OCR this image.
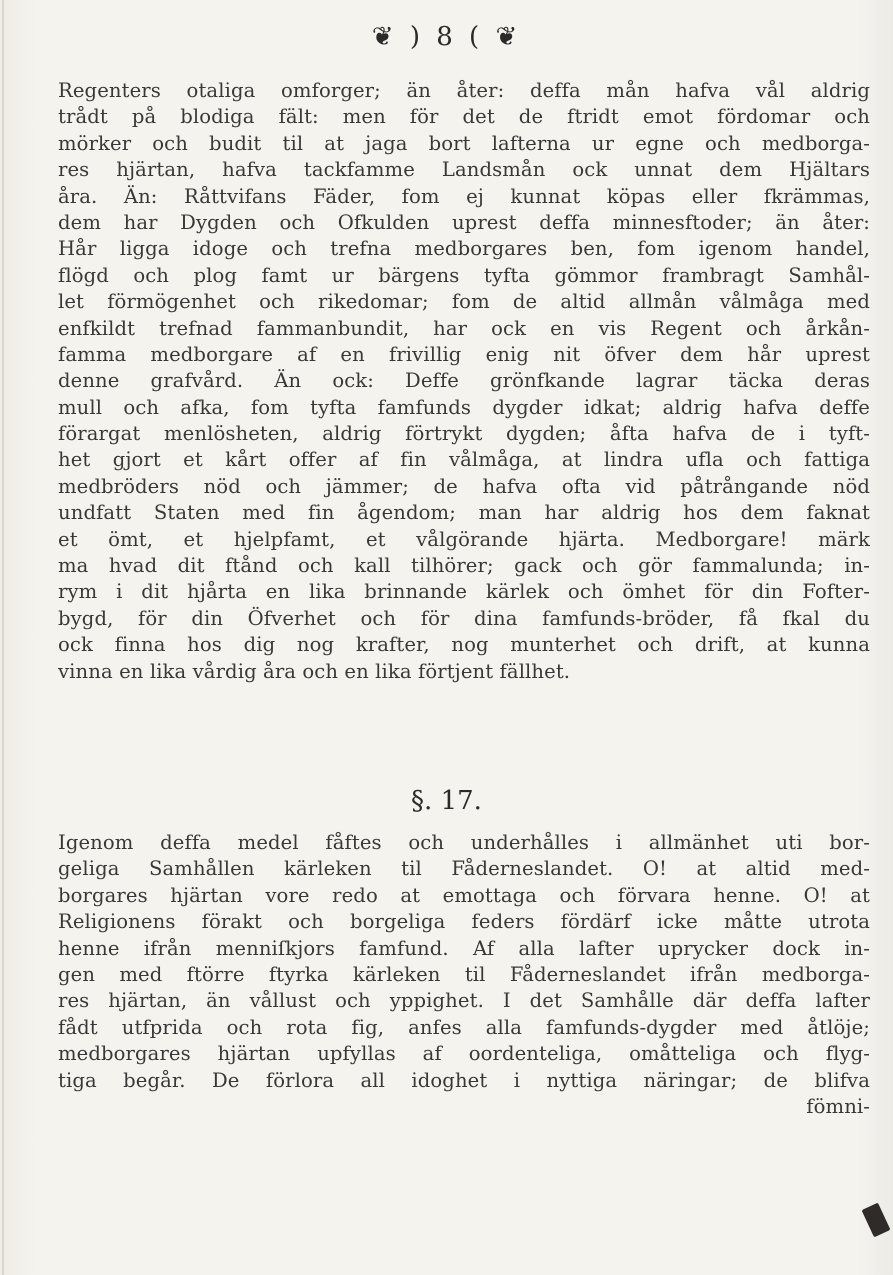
❦ ) 8 ( ❦
Regenters otaliga omforger; än åter: deffa mån hafva vål aldrig
trådt på blodiga fält: men för det de ftridt emot fördomar och
mörker och budit til at jaga bort lafterna ur egne och medborga-
res hjärtan, hafva tackfamme Landsmån ock unnat dem Hjältars
åra. Än: Råttvifans Fäder, fom ej kunnat köpas eller fkrämmas,
dem har Dygden och Ofkulden uprest deffa minnesftoder; än åter:
Hår ligga idoge och trefna medborgares ben, fom igenom handel,
flögd och plog famt ur bärgens tyfta gömmor frambragt Samhål-
let förmögenhet och rikedomar; fom de altid allmån vålmåga med
enfkildt trefnad fammanbundit, har ock en vis Regent och årkån-
famma medborgare af en frivillig enig nit öfver dem hår uprest
denne grafvård. Än ock: Deffe grönfkande lagrar täcka deras
mull och afka, fom tyfta famfunds dygder idkat; aldrig hafva deffe
förargat menlösheten, aldrig förtrykt dygden; åfta hafva de i tyft-
het gjort et kårt offer af fin vålmåga, at lindra ufla och fattiga
medbröders nöd och jämmer; de hafva ofta vid påtrångande nöd
undfatt Staten med fin ågendom; man har aldrig hos dem faknat
et ömt, et hjelpfamt, et vålgörande hjärta. Medborgare! märk
ma hvad dit ftånd och kall tilhörer; gack och gör fammalunda; in-
rym i dit hjårta en lika brinnande kärlek och ömhet för din Fofter-
bygd, för din Öfverhet och för dina famfunds-bröder, få fkal du
ock finna hos dig nog krafter, nog munterhet och drift, at kunna
vinna en lika vårdig åra och en lika förtjent fällhet.
§. 17.
Igenom deffa medel fåftes och underhålles i allmänhet uti bor-
geliga Samhållen kärleken til Fåderneslandet. O! at altid med-
borgares hjärtan vore redo at emottaga och förvara henne. O! at
Religionens förakt och borgeliga feders fördärf icke måtte utrota
henne ifrån menniſkjors famfund. Af alla lafter uprycker dock in-
gen med ftörre ftyrka kärleken til Fåderneslandet ifrån medborga-
res hjärtan, än vållust och yppighet. I det Samhålle där deffa lafter
fådt utfprida och rota fig, anfes alla famfunds-dygder med åtlöje;
medborgares hjärtan upfyllas af oordenteliga, omåtteliga och flyg-
tiga begår. De förlora all idoghet i nyttiga näringar; de blifva
fömni-
